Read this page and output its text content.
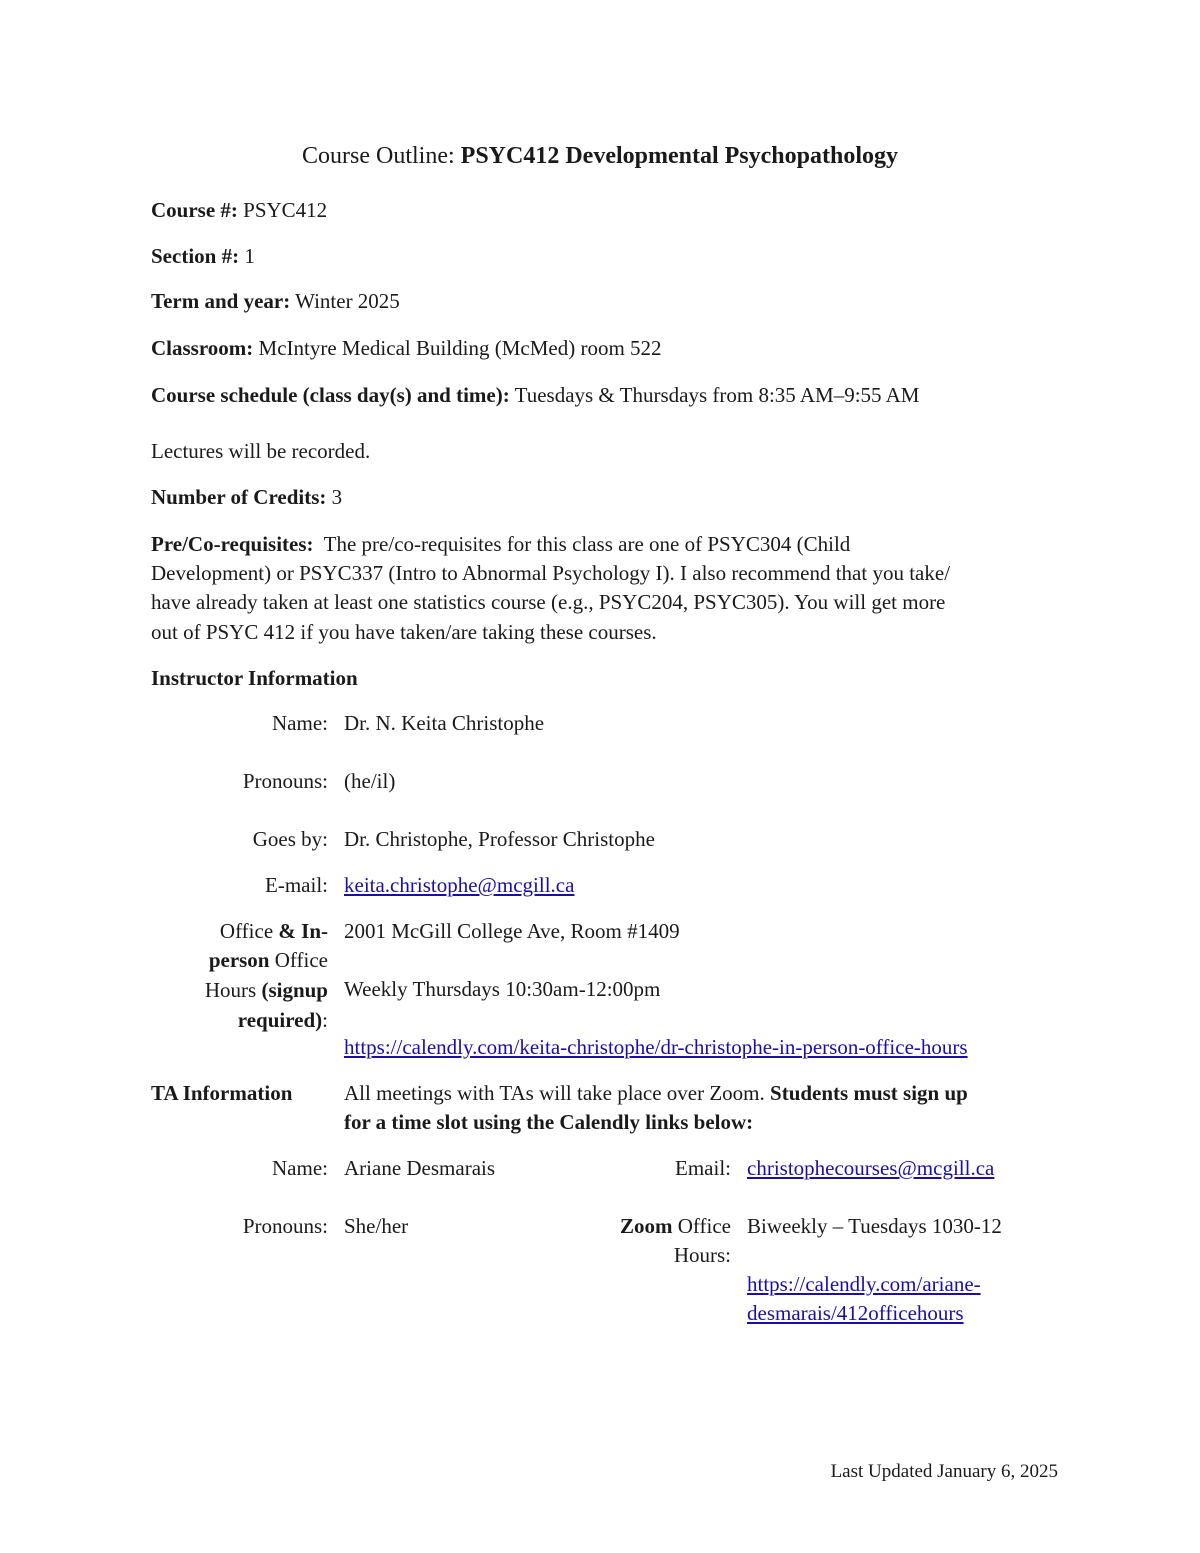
Course Outline: PSYC412 Developmental Psychopathology
Course #: PSYC412
Section #: 1
Term and year: Winter 2025
Classroom: McIntyre Medical Building (McMed) room 522
Course schedule (class day(s) and time): Tuesdays & Thursdays from 8:35 AM–9:55 AM
Lectures will be recorded.
Number of Credits: 3
Pre/Co-requisites: The pre/co-requisites for this class are one of PSYC304 (Child
Development) or PSYC337 (Intro to Abnormal Psychology I). I also recommend that you take/
have already taken at least one statistics course (e.g., PSYC204, PSYC305). You will get more
out of PSYC 412 if you have taken/are taking these courses.
Instructor Information
Name: Dr. N. Keita Christophe
Pronouns: (he/il)
Goes by: Dr. Christophe, Professor Christophe
E-mail: keita.christophe@mcgill.ca
Office & In-
person Office
Hours (signup
required):
2001 McGill College Ave, Room #1409
Weekly Thursdays 10:30am-12:00pm
https://calendly.com/keita-christophe/dr-christophe-in-person-office-hours
TA Information All meetings with TAs will take place over Zoom. Students must sign up
for a time slot using the Calendly links below:
Name: Ariane Desmarais	Email: christophecourses@mcgill.ca
Pronouns: She/her	Zoom Office
Hours:
Biweekly – Tuesdays 1030-12
https://calendly.com/ariane-
desmarais/412officehours
Last Updated January 6, 2025
